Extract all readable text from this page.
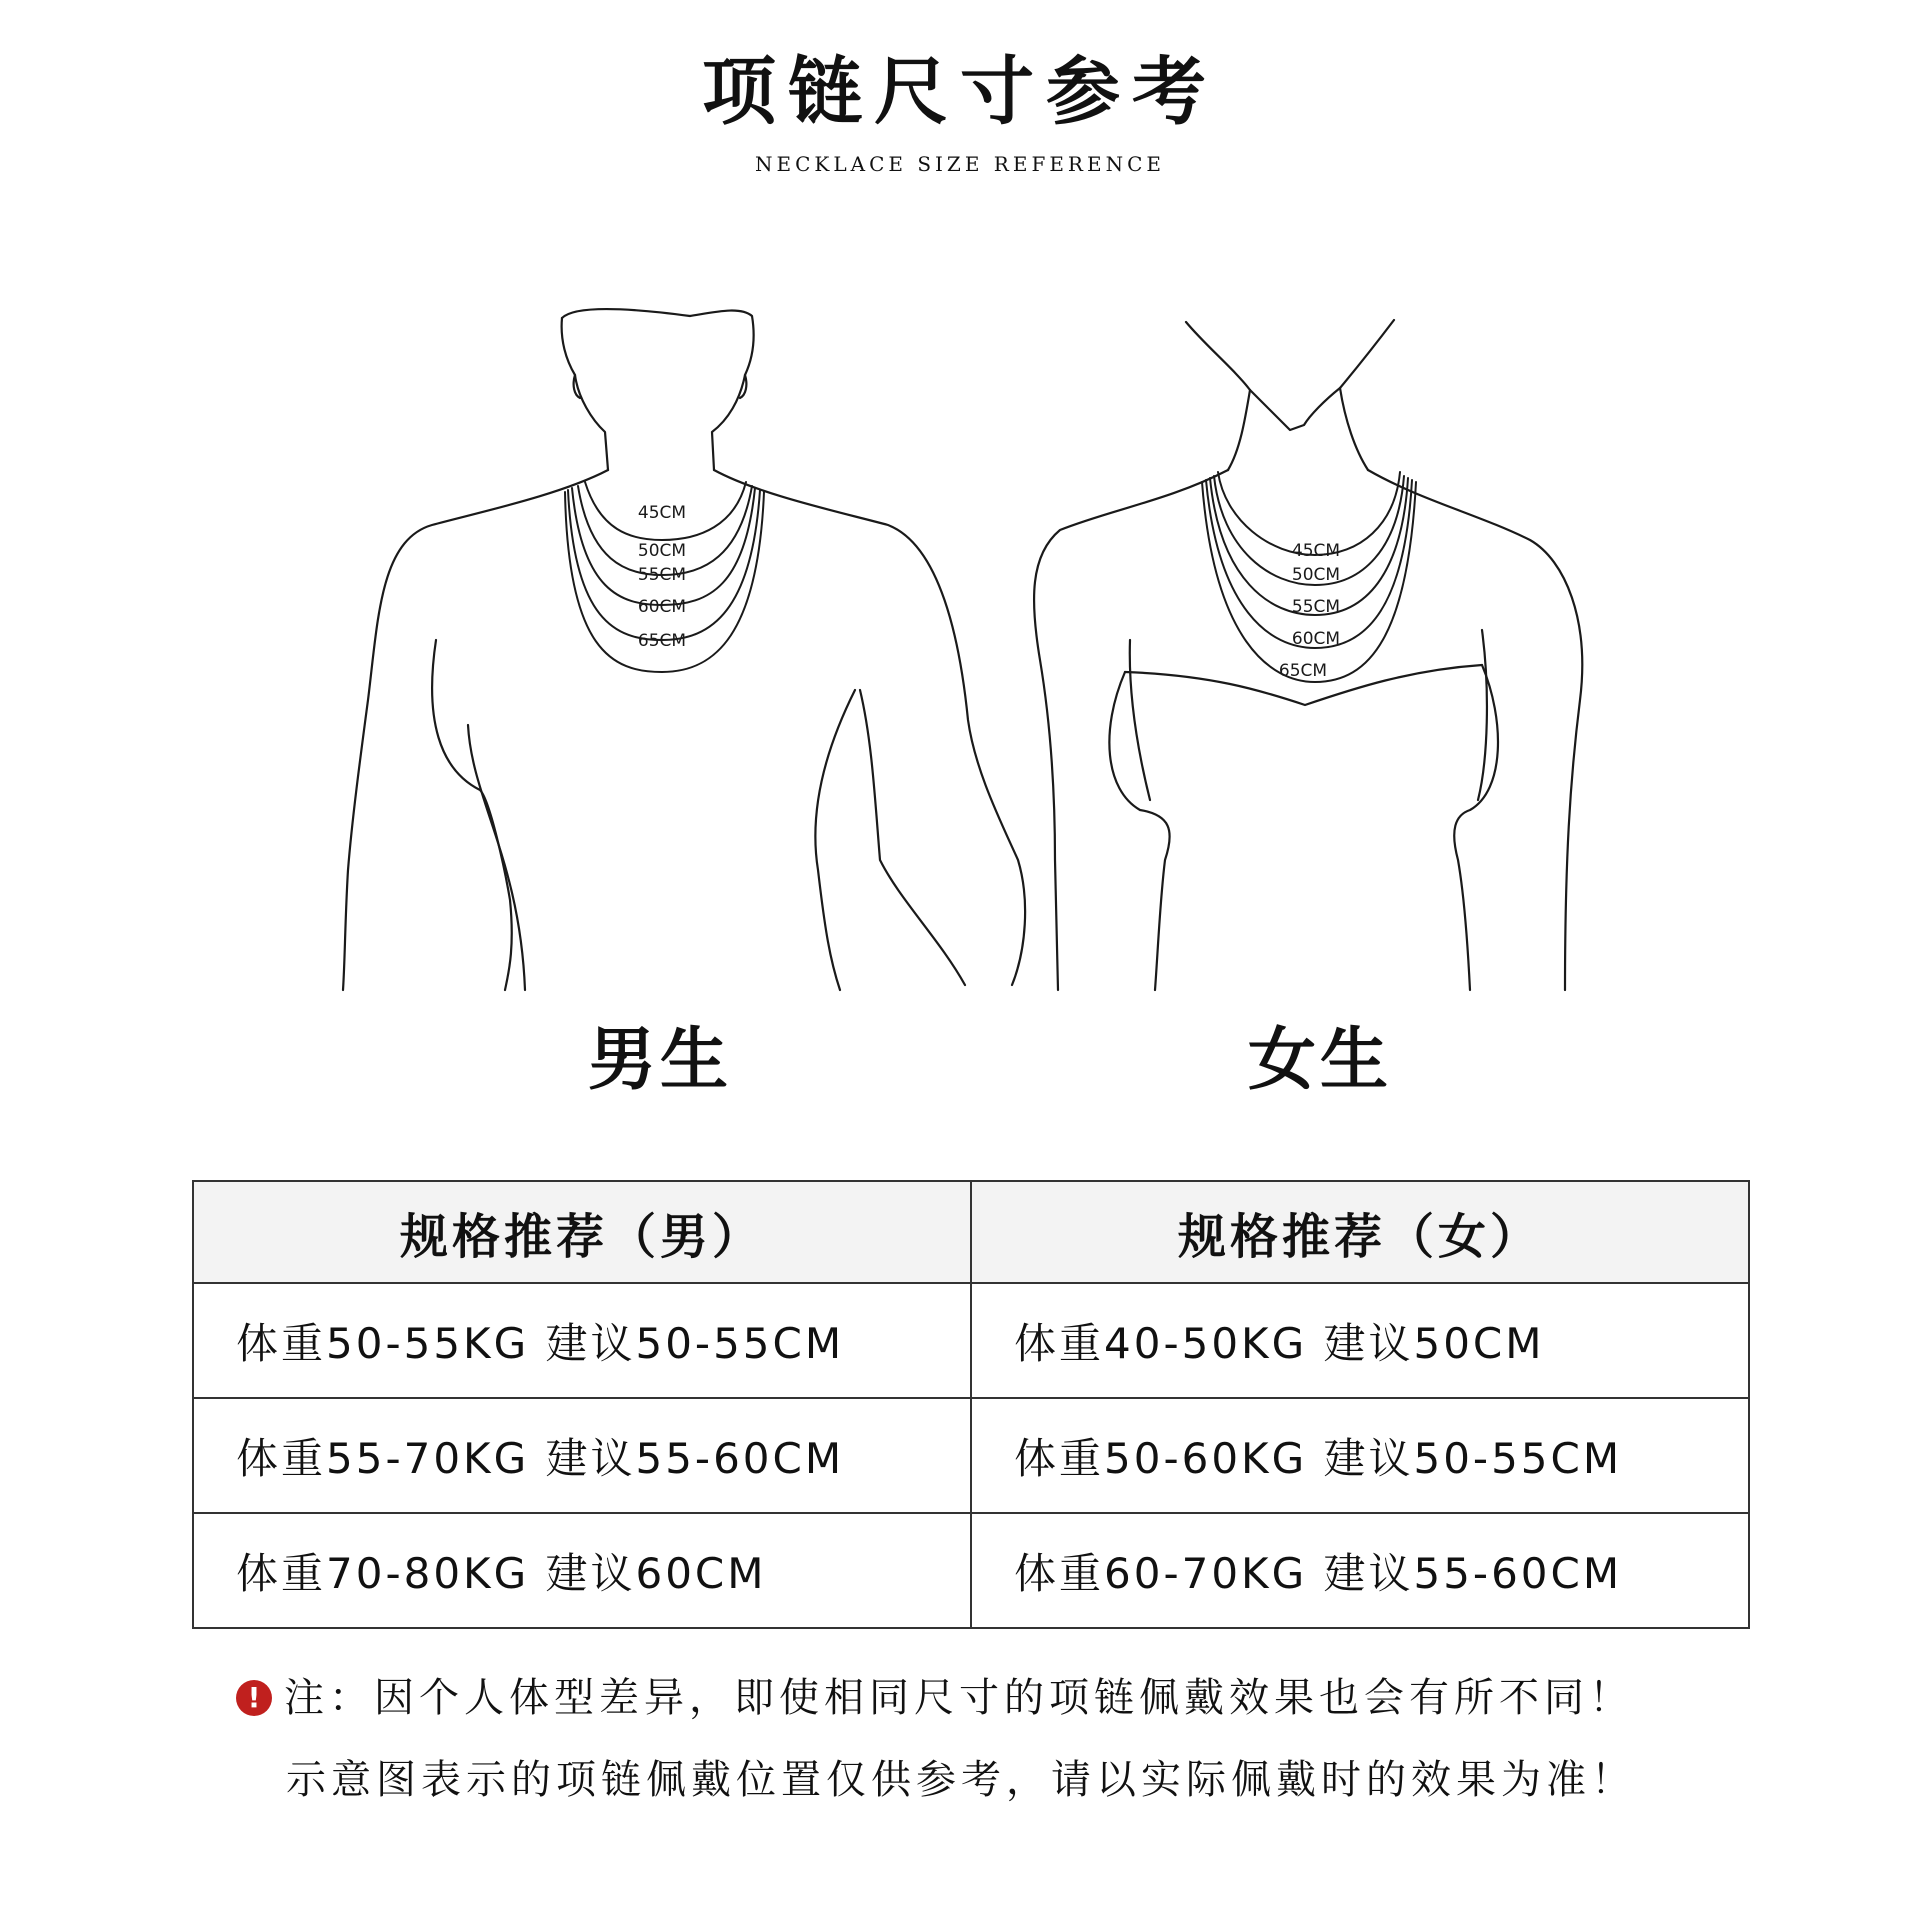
项链尺寸参考
NECKLACE SIZE REFERENCE
45CM
50CM
55CM
60CM
65CM
45CM
50CM
55CM
60CM
65CM
男生	女生
规格推荐（男）	规格推荐（女）
体重50-55KG 建议50-55CM	体重40-50KG 建议50CM
体重55-70KG 建议55-60CM	体重50-60KG 建议50-55CM
体重70-80KG 建议60CM	体重60-70KG 建议55-60CM
! 注：因个人体型差异，即使相同尺寸的项链佩戴效果也会有所不同！
示意图表示的项链佩戴位置仅供参考，请以实际佩戴时的效果为准！
